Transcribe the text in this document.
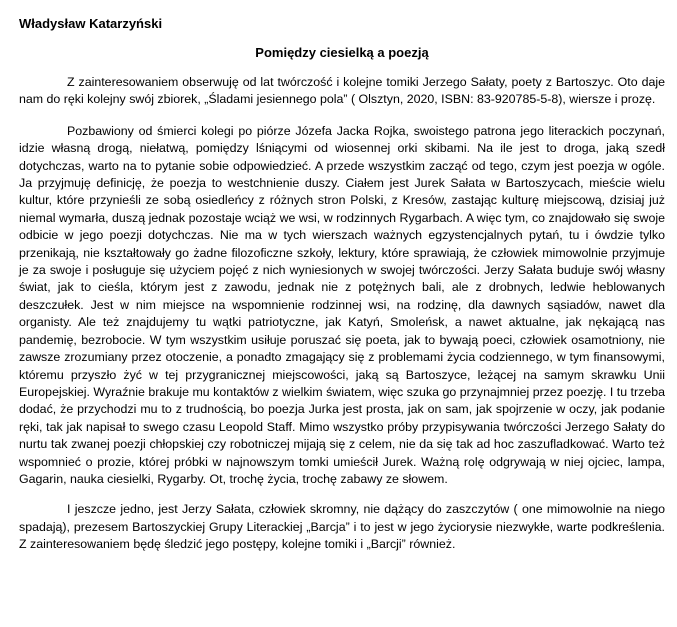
Władysław Katarzyński
Pomiędzy ciesielką a poezją

Z zainteresowaniem obserwuję od lat twórczość i kolejne tomiki Jerzego Sałaty, poety z Bartoszyc. Oto daje nam do ręki kolejny swój zbiorek, „Śladami jesiennego pola” ( Olsztyn, 2020, ISBN: 83-920785-5-8), wiersze i prozę.

Pozbawiony od śmierci kolegi po piórze Józefa Jacka Rojka, swoistego patrona jego literackich poczynań, idzie własną drogą, niełatwą, pomiędzy lśniącymi od wiosennej orki skibami. Na ile jest to droga, jaką szedł dotychczas, warto na to pytanie sobie odpowiedzieć. A przede wszystkim zacząć od tego, czym jest poezja w ogóle. Ja przyjmuję definicję, że poezja to westchnienie duszy. Ciałem jest Jurek Sałata w Bartoszycach, mieście wielu kultur, które przynieśli ze sobą osiedleńcy z różnych stron Polski, z Kresów, zastając kulturę miejscową, dzisiaj już niemal wymarła, duszą jednak pozostaje wciąż we wsi, w rodzinnych Rygarbach. A więc tym, co znajdowało się swoje odbicie w jego poezji dotychczas. Nie ma w tych wierszach ważnych egzystencjalnych pytań, tu i ówdzie tylko przenikają, nie kształtowały go żadne filozoficzne szkoły, lektury, które sprawiają, że człowiek mimowolnie przyjmuje je za swoje i posługuje się użyciem pojęć z nich wyniesionych w swojej twórczości. Jerzy Sałata buduje swój własny świat, jak to cieśla, którym jest z zawodu, jednak nie z potężnych bali, ale z drobnych, ledwie heblowanych deszczułek. Jest w nim miejsce na wspomnienie rodzinnej wsi, na rodzinę, dla dawnych sąsiadów, nawet dla organisty. Ale też znajdujemy tu wątki patriotyczne, jak Katyń, Smoleńsk, a nawet aktualne, jak nękającą nas pandemię, bezrobocie. W tym wszystkim usiłuje poruszać się poeta, jak to bywają poeci, człowiek osamotniony, nie zawsze zrozumiany przez otoczenie, a ponadto zmagający się z problemami życia codziennego, w tym finansowymi, któremu przyszło żyć w tej przygranicznej miejscowości, jaką są Bartoszyce, leżącej na samym skrawku Unii Europejskiej. Wyraźnie brakuje mu kontaktów z wielkim światem, więc szuka go przynajmniej przez poezję. I tu trzeba dodać, że przychodzi mu to z trudnością, bo poezja Jurka jest prosta, jak on sam, jak spojrzenie w oczy, jak podanie ręki, tak jak napisał to swego czasu Leopold Staff. Mimo wszystko próby przypisywania twórczości Jerzego Sałaty do nurtu tak zwanej poezji chłopskiej czy robotniczej mijają się z celem, nie da się tak ad hoc zaszufladkować. Warto też wspomnieć o prozie, której próbki w najnowszym tomki umieścił Jurek. Ważną rolę odgrywają w niej ojciec, lampa, Gagarin, nauka ciesielki, Rygarby. Ot, trochę życia, trochę zabawy ze słowem.

I jeszcze jedno, jest Jerzy Sałata, człowiek skromny, nie dążący do zaszczytów ( one mimowolnie na niego spadają), prezesem Bartoszyckiej Grupy Literackiej „Barcja” i to jest w jego życiorysie niezwykłe, warte podkreślenia. Z zainteresowaniem będę śledzić jego postępy, kolejne tomiki i „Barcji” również.
